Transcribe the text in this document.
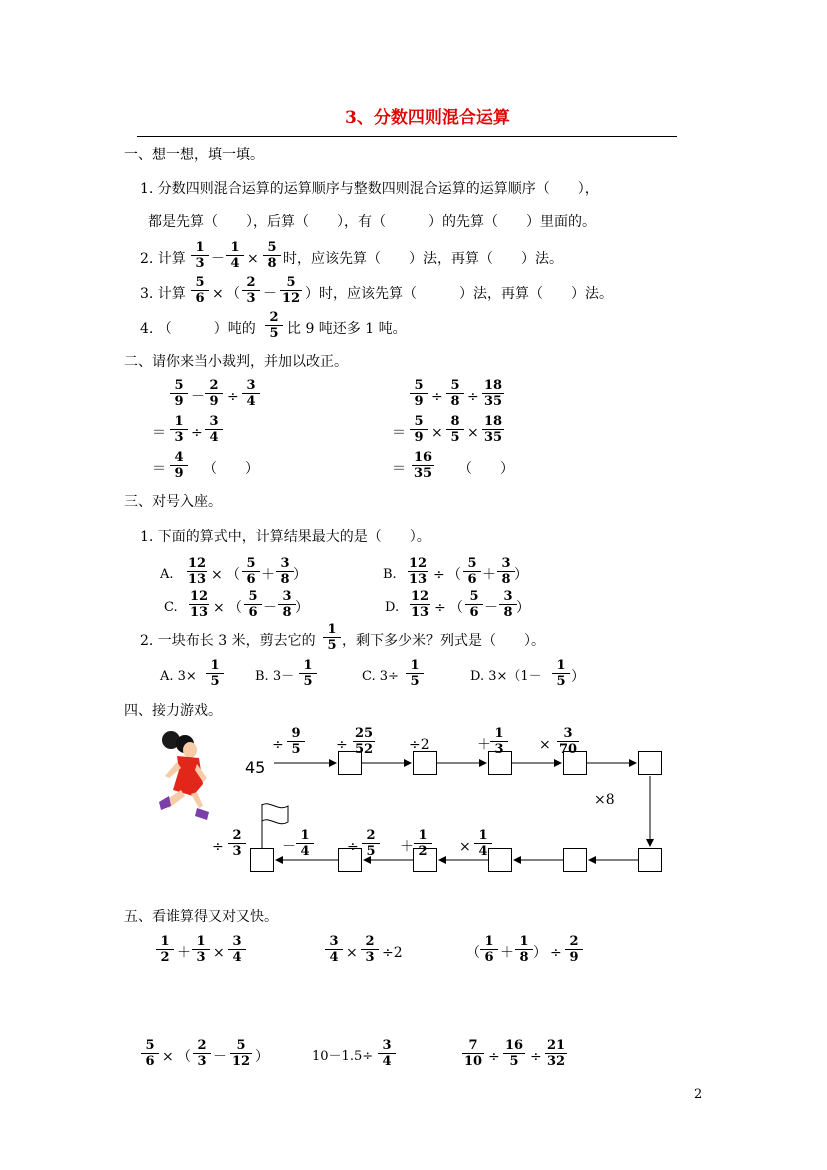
3、分数四则混合运算
一、想一想，填一填。
1. 分数四则混合运算的运算顺序与整数四则混合运算的运算顺序（　　），
都是先算（　　），后算（　　），有（　　　）的先算（　　）里面的。
2. 计算
1
3 －
1
4 ×
5
8 时，应该先算（　　）法，再算（　　）法。
3. 计算
5
6 × （
2
3 －
5
12 ）时，应该先算（　　　）法，再算（　　）法。
4. （　　　）吨的
2
5 比 9 吨还多 1 吨。
二、请你来当小裁判，并加以改正。
5
9 －
2
9 ÷
3
4
＝
1
3 ÷
3
4
＝
4
9	（　　）
5
9 ÷
5
8 ÷
18
35
＝
5
9 ×
8
5 ×
18
35
＝
16
35 （　　）
三、对号入座。
1. 下面的算式中，计算结果最大的是（　　）。
A.
12
13 × （
5
6 ＋
3
8 ）	B.
12
13 ÷ （
5
6 ＋
3
8 ）
C.
12
13 × （
5
6 －
3
8 ）	D.
12
13 ÷ （
5
6 －
3
8 ）
2. 一块布长 3 米，剪去它的
1
5 ，剩下多少米？列式是（　　）。
A. 3×
1
5	B. 3－
1
5	C. 3÷
1
5	D. 3×（1－
1
5 ）
四、接力游戏。
÷
9
5	÷
25
52	÷2	＋
1
3	×
3
70
45
×8
÷
2
3	－
1
4	÷
2
5	＋
1
2	×
1
4
五、看谁算得又对又快。
1
2 ＋
1
3 ×
3
4
3
4 ×
2
3 ÷2	（
1
6 ＋
1
8 ） ÷
2
9
5
6 × （
2
3 －
5
12 ）	10－1.5÷
3
4
7
10 ÷
16
5 ÷
21
32
2
